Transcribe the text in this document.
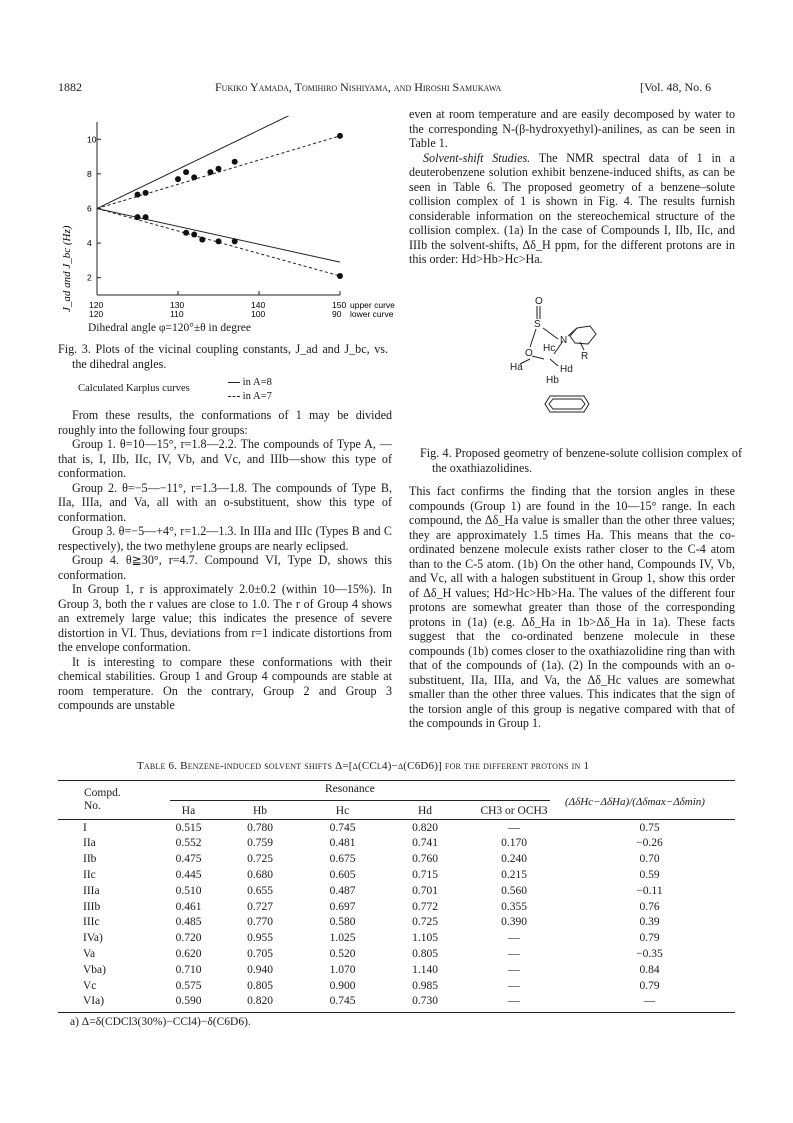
1882	Fukiko Yamada, Tomihiro Nishiyama, and Hiroshi Samukawa	[Vol. 48, No. 6
2
4
6
8
10
120
120
130
110
140
100
150
90
upper curve
lower curve
J_ad and J_bc (Hz)
Dihedral angle φ=120°±θ in degree

Fig. 3. Plots of the vicinal coupling constants, J_ad and J_bc, vs. the dihedral angles.

Calculated Karplus curves
in A=8
in A=7

From these results, the conformations of 1 may be divided roughly into the following four groups:

Group 1. θ=10—15°, r=1.8—2.2. The compounds of Type A, —that is, I, IIb, IIc, IV, Vb, and Vc, and IIIb—show this type of conformation.

Group 2. θ=−5—−11°, r=1.3—1.8. The compounds of Type B, IIa, IIIa, and Va, all with an o-substituent, show this type of conformation.

Group 3. θ=−5—+4°, r=1.2—1.3. In IIIa and IIIc (Types B and C respectively), the two methylene groups are nearly eclipsed.

Group 4. θ≧30°, r=4.7. Compound VI, Type D, shows this conformation.

In Group 1, r is approximately 2.0±0.2 (within 10—15%). In Group 3, both the r values are close to 1.0. The r of Group 4 shows an extremely large value; this indicates the presence of severe distortion in VI. Thus, deviations from r=1 indicate distortions from the envelope conformation.

It is interesting to compare these conformations with their chemical stabilities. Group 1 and Group 4 compounds are stable at room temperature. On the contrary, Group 2 and Group 3 compounds are unstable

even at room temperature and are easily decomposed by water to the corresponding N-(β-hydroxyethyl)-anilines, as can be seen in Table 1.

Solvent-shift Studies. The NMR spectral data of 1 in a deuterobenzene solution exhibit benzene-induced shifts, as can be seen in Table 6. The proposed geometry of a benzene–solute collision complex of 1 is shown in Fig. 4. The results furnish considerable information on the stereochemical structure of the collision complex. (1a) In the case of Compounds I, IIb, IIc, and IIIb the solvent-shifts, Δδ_H ppm, for the different protons are in this order: Hd>Hb>Hc>Ha.

O
S
N
O	R
Hc
Ha	Hd
Hb

Fig. 4. Proposed geometry of benzene-solute collision complex of the oxathiazolidines.

This fact confirms the finding that the torsion angles in these compounds (Group 1) are found in the 10—15° range. In each compound, the Δδ_Ha value is smaller than the other three values; they are approximately 1.5 times Ha. This means that the co-ordinated benzene molecule exists rather closer to the C-4 atom than to the C-5 atom. (1b) On the other hand, Compounds IV, Vb, and Vc, all with a halogen substituent in Group 1, show this order of Δδ_H values; Hd>Hc>Hb>Ha. The values of the different four protons are somewhat greater than those of the corresponding protons in (1a) (e.g. Δδ_Ha in 1b>Δδ_Ha in 1a). These facts suggest that the co-ordinated benzene molecule in these compounds (1b) comes closer to the oxathiazolidine ring than with that of the compounds of (1a). (2) In the compounds with an o-substituent, IIa, IIIa, and Va, the Δδ_Hc values are somewhat smaller than the other three values. This indicates that the sign of the torsion angle of this group is negative compared with that of the compounds in Group 1.

Table 6. Benzene-induced solvent shifts Δ=[δ(CCl4)−δ(C6D6)] for the different protons in 1
Compd. No.
Resonance
(ΔδHc−ΔδHa)/(Δδmax−Δδmin)
	Ha	Hb	Hc	Hd	CH3 or OCH3	
I	0.515	0.780	0.745	0.820	—	0.75
IIa	0.552	0.759	0.481	0.741	0.170	−0.26
IIb	0.475	0.725	0.675	0.760	0.240	0.70
IIc	0.445	0.680	0.605	0.715	0.215	0.59
IIIa	0.510	0.655	0.487	0.701	0.560	−0.11
IIIb	0.461	0.727	0.697	0.772	0.355	0.76
IIIc	0.485	0.770	0.580	0.725	0.390	0.39
IVa)	0.720	0.955	1.025	1.105	—	0.79
Va	0.620	0.705	0.520	0.805	—	−0.35
Vba)	0.710	0.940	1.070	1.140	—	0.84
Vc	0.575	0.805	0.900	0.985	—	0.79
VIa)	0.590	0.820	0.745	0.730	—	—
a) Δ=δ(CDCl3(30%)−CCl4)−δ(C6D6).
